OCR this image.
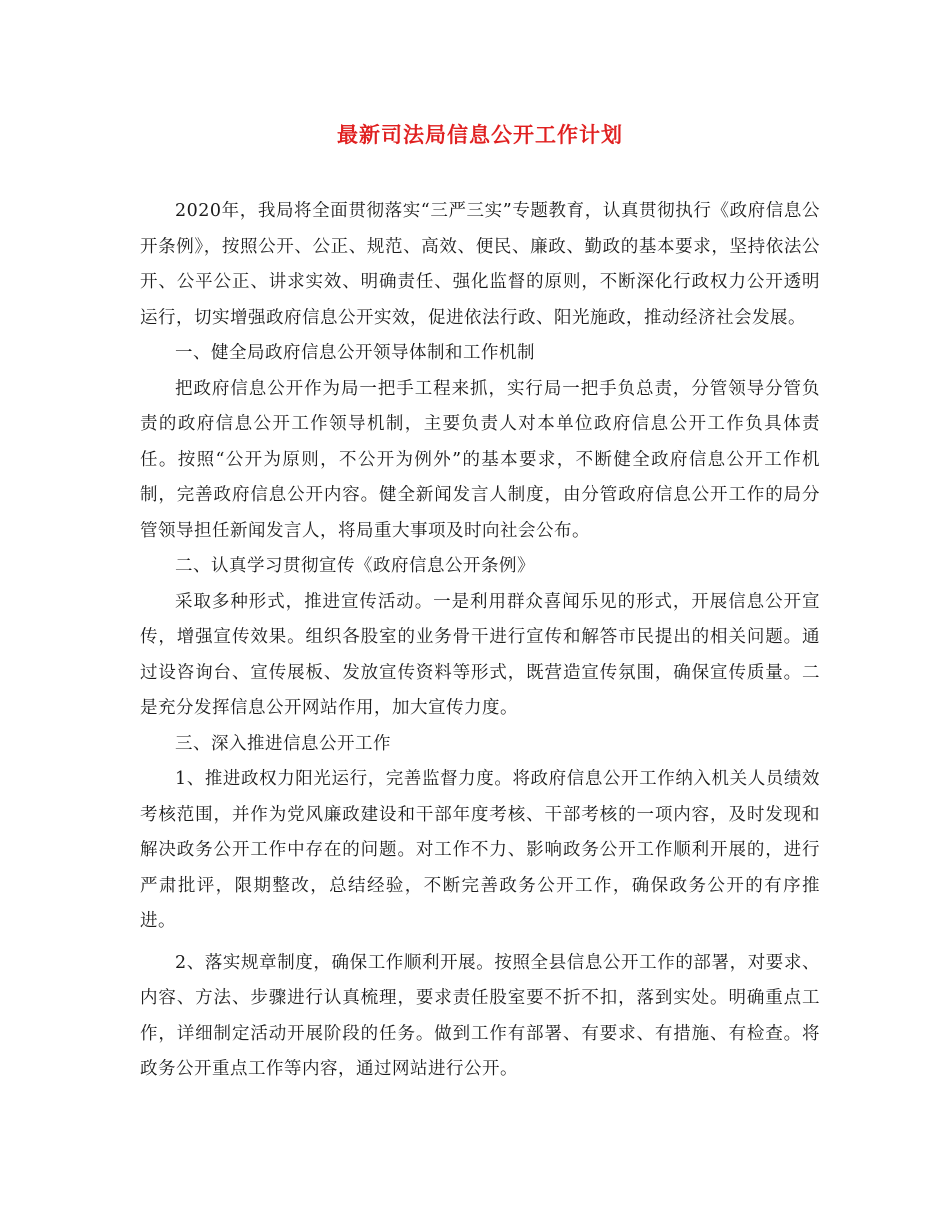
最新司法局信息公开工作计划

2020年，我局将全面贯彻落实“三严三实”专题教育，认真贯彻执行《政府信息公开条例》，按照公开、公正、规范、高效、便民、廉政、勤政的基本要求，坚持依法公开、公平公正、讲求实效、明确责任、强化监督的原则，不断深化行政权力公开透明运行，切实增强政府信息公开实效，促进依法行政、阳光施政，推动经济社会发展。

一、健全局政府信息公开领导体制和工作机制

把政府信息公开作为局一把手工程来抓，实行局一把手负总责，分管领导分管负责的政府信息公开工作领导机制，主要负责人对本单位政府信息公开工作负具体责任。按照“公开为原则，不公开为例外”的基本要求，不断健全政府信息公开工作机制，完善政府信息公开内容。健全新闻发言人制度，由分管政府信息公开工作的局分管领导担任新闻发言人，将局重大事项及时向社会公布。

二、认真学习贯彻宣传《政府信息公开条例》

采取多种形式，推进宣传活动。一是利用群众喜闻乐见的形式，开展信息公开宣传，增强宣传效果。组织各股室的业务骨干进行宣传和解答市民提出的相关问题。通过设咨询台、宣传展板、发放宣传资料等形式，既营造宣传氛围，确保宣传质量。二是充分发挥信息公开网站作用，加大宣传力度。

三、深入推进信息公开工作

1、推进政权力阳光运行，完善监督力度。将政府信息公开工作纳入机关人员绩效考核范围，并作为党风廉政建设和干部年度考核、干部考核的一项内容，及时发现和解决政务公开工作中存在的问题。对工作不力、影响政务公开工作顺利开展的，进行严肃批评，限期整改，总结经验，不断完善政务公开工作，确保政务公开的有序推进。

2、落实规章制度，确保工作顺利开展。按照全县信息公开工作的部署，对要求、内容、方法、步骤进行认真梳理，要求责任股室要不折不扣，落到实处。明确重点工作，详细制定活动开展阶段的任务。做到工作有部署、有要求、有措施、有检查。将政务公开重点工作等内容，通过网站进行公开。
